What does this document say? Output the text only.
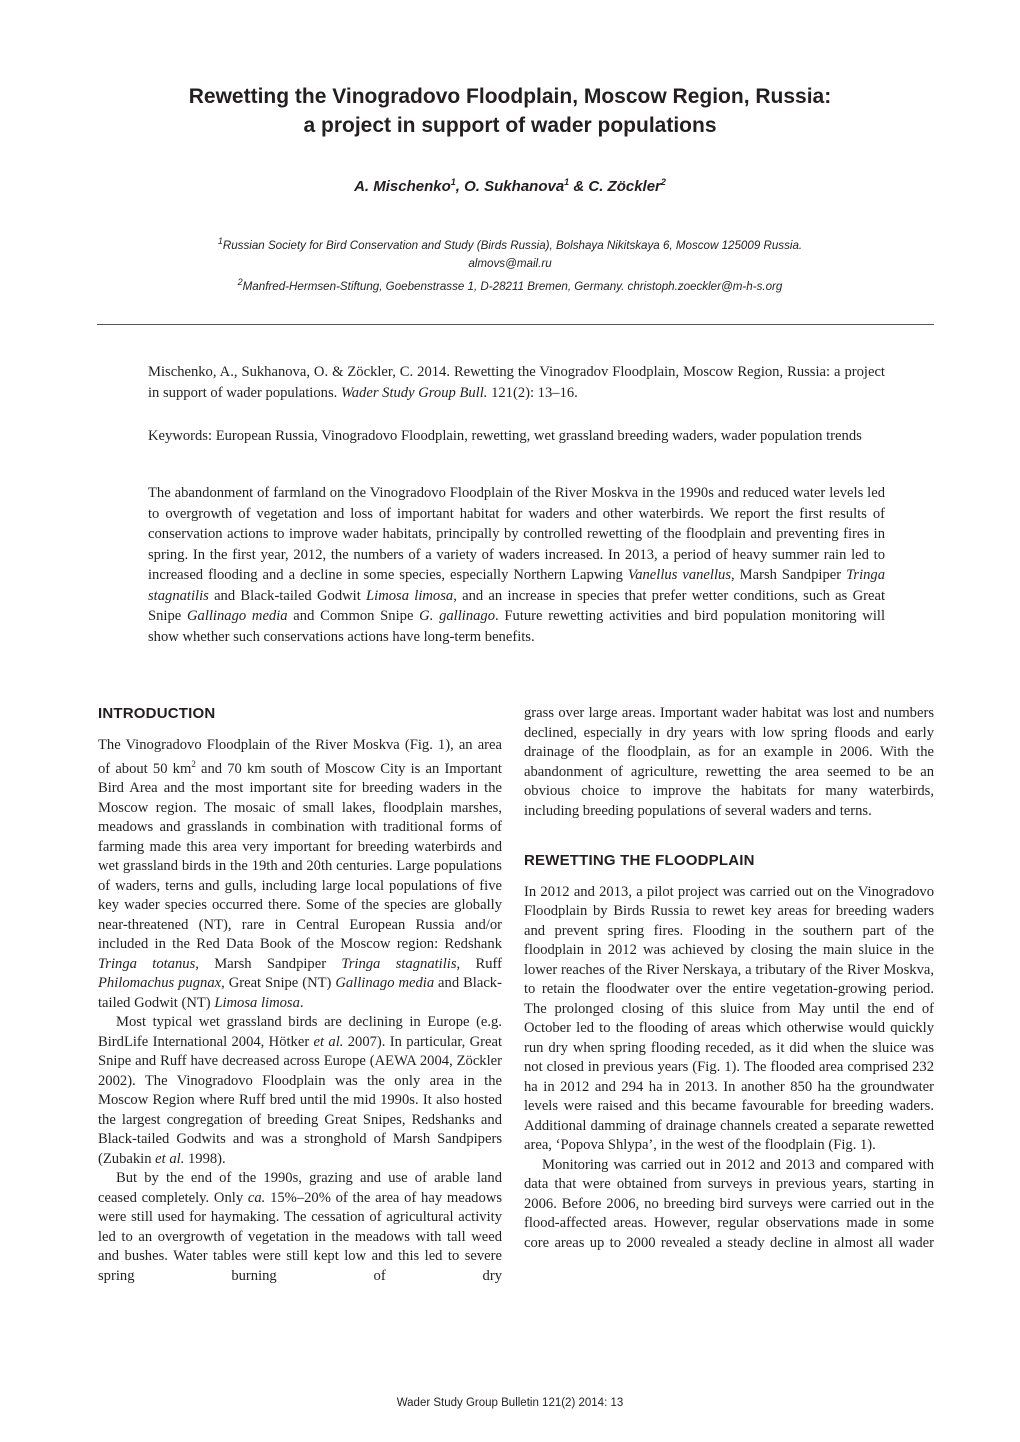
Rewetting the Vinogradovo Floodplain, Moscow Region, Russia:
a project in support of wader populations
A. Mischenko$^1$, O. Sukhanova$^1$ & C. Zöckler$^2$
$^1$Russian Society for Bird Conservation and Study (Birds Russia), Bolshaya Nikitskaya 6, Moscow 125009 Russia.
almovs@mail.ru
$^2$Manfred-Hermsen-Stiftung, Goebenstrasse 1, D-28211 Bremen, Germany. christoph.zoeckler@m-h-s.org
Mischenko, A., Sukhanova, O. & Zöckler, C. 2014. Rewetting the Vinogradov Floodplain, Moscow Region, Russia: a project in support of wader populations. Wader Study Group Bull. 121(2): 13–16.
Keywords: European Russia, Vinogradovo Floodplain, rewetting, wet grassland breeding waders, wader population trends
The abandonment of farmland on the Vinogradovo Floodplain of the River Moskva in the 1990s and reduced water levels led to overgrowth of vegetation and loss of important habitat for waders and other waterbirds. We report the first results of conservation actions to improve wader habitats, principally by controlled rewetting of the floodplain and preventing fires in spring. In the first year, 2012, the numbers of a variety of waders increased. In 2013, a period of heavy summer rain led to increased flooding and a decline in some species, especially Northern Lapwing Vanellus vanellus, Marsh Sandpiper Tringa stagnatilis and Black-tailed Godwit Limosa limosa, and an increase in species that prefer wetter conditions, such as Great Snipe Gallinago media and Common Snipe G. gallinago. Future rewetting activities and bird population monitoring will show whether such conservations actions have long-term benefits.
INTRODUCTION

The Vinogradovo Floodplain of the River Moskva (Fig. 1), an area of about 50 $km^2$ and 70 km south of Moscow City is an Important Bird Area and the most important site for breeding waders in the Moscow region. The mosaic of small lakes, floodplain marshes, meadows and grasslands in combination with traditional forms of farming made this area very important for breeding waterbirds and wet grassland birds in the 19th and 20th centuries. Large populations of waders, terns and gulls, including large local populations of five key wader species occurred there. Some of the species are globally near-threatened (NT), rare in Central European Russia and/or included in the Red Data Book of the Moscow region: Redshank Tringa totanus, Marsh Sandpiper Tringa stagnatilis, Ruff Philomachus pugnax, Great Snipe (NT) Gallinago media and Black-tailed Godwit (NT) Limosa limosa.

Most typical wet grassland birds are declining in Europe (e.g. BirdLife International 2004, Hötker et al. 2007). In particular, Great Snipe and Ruff have decreased across Europe (AEWA 2004, Zöckler 2002). The Vinogradovo Floodplain was the only area in the Moscow Region where Ruff bred until the mid 1990s. It also hosted the largest congregation of breeding Great Snipes, Redshanks and Black-tailed Godwits and was a stronghold of Marsh Sandpipers (Zubakin et al. 1998).

But by the end of the 1990s, grazing and use of arable land ceased completely. Only ca. 15%–20% of the area of hay meadows were still used for haymaking. The cessation of agricultural activity led to an overgrowth of vegetation in the meadows with tall weed and bushes. Water tables were still kept low and this led to severe spring burning of dry

grass over large areas. Important wader habitat was lost and numbers declined, especially in dry years with low spring floods and early drainage of the floodplain, as for an example in 2006. With the abandonment of agriculture, rewetting the area seemed to be an obvious choice to improve the habitats for many waterbirds, including breeding populations of several waders and terns.

REWETTING THE FLOODPLAIN

In 2012 and 2013, a pilot project was carried out on the Vinogradovo Floodplain by Birds Russia to rewet key areas for breeding waders and prevent spring fires. Flooding in the southern part of the floodplain in 2012 was achieved by closing the main sluice in the lower reaches of the River Nerskaya, a tributary of the River Moskva, to retain the floodwater over the entire vegetation-growing period. The prolonged closing of this sluice from May until the end of October led to the flooding of areas which otherwise would quickly run dry when spring flooding receded, as it did when the sluice was not closed in previous years (Fig. 1). The flooded area comprised 232 ha in 2012 and 294 ha in 2013. In another 850 ha the groundwater levels were raised and this became favourable for breeding waders. Additional damming of drainage channels created a separate rewetted area, ‘Popova Shlypa’, in the west of the floodplain (Fig. 1).

Monitoring was carried out in 2012 and 2013 and compared with data that were obtained from surveys in previous years, starting in 2006. Before 2006, no breeding bird surveys were carried out in the flood-affected areas. However, regular observations made in some core areas up to 2000 revealed a steady decline in almost all wader

Wader Study Group Bulletin 121(2) 2014: 13
